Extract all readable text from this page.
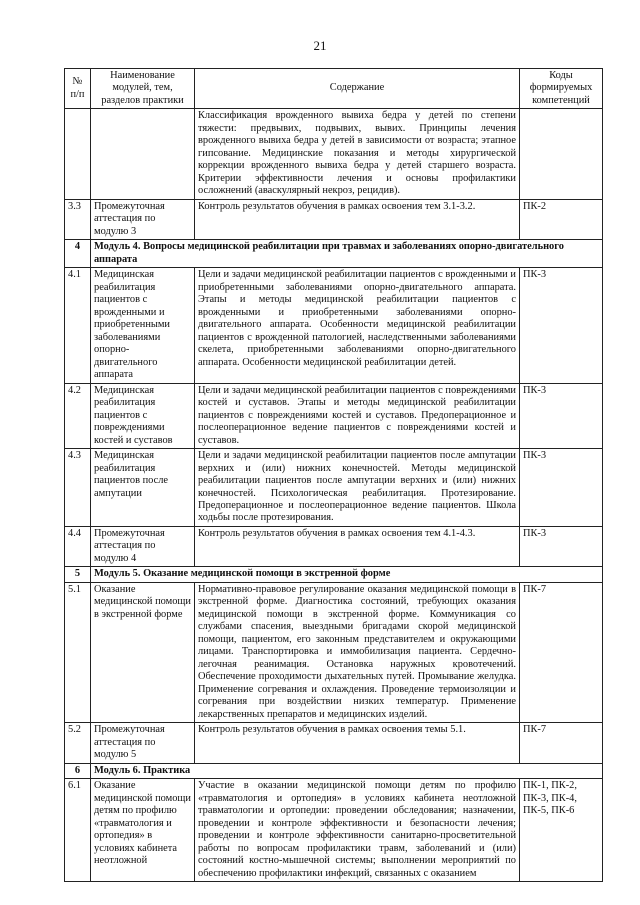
21
№ п/п	Наименование модулей, тем, разделов практики	Содержание	Коды формируемых компетенций
		Классификация врожденного вывиха бедра у детей по степени тяжести: предвывих, подвывих, вывих. Принципы лечения врожденного вывиха бедра у детей в зависимости от возраста; этапное гипсование. Медицинские показания и методы хирургической коррекции врожденного вывиха бедра у детей старшего возраста. Критерии эффективности лечения и основы профилактики осложнений (аваскулярный некроз, рецидив).	
3.3	Промежуточная аттестация по модулю 3	Контроль результатов обучения в рамках освоения тем 3.1-3.2.	ПК-2
4	Модуль 4. Вопросы медицинской реабилитации при травмах и заболеваниях опорно-двигательного аппарата		
4.1	Медицинская реабилитация пациентов с врожденными и приобретенными заболеваниями опорно-двигательного аппарата	Цели и задачи медицинской реабилитации пациентов с врожденными и приобретенными заболеваниями опорно-двигательного аппарата. Этапы и методы медицинской реабилитации пациентов с врожденными и приобретенными заболеваниями опорно-двигательного аппарата. Особенности медицинской реабилитации пациентов с врожденной патологией, наследственными заболеваниями скелета, приобретенными заболеваниями опорно-двигательного аппарата. Особенности медицинской реабилитации детей.	ПК-3
4.2	Медицинская реабилитация пациентов с повреждениями костей и суставов	Цели и задачи медицинской реабилитации пациентов с повреждениями костей и суставов. Этапы и методы медицинской реабилитации пациентов с повреждениями костей и суставов. Предоперационное и послеоперационное ведение пациентов с повреждениями костей и суставов.	ПК-3
4.3	Медицинская реабилитация пациентов после ампутации	Цели и задачи медицинской реабилитации пациентов после ампутации верхних и (или) нижних конечностей. Методы медицинской реабилитации пациентов после ампутации верхних и (или) нижних конечностей. Психологическая реабилитация. Протезирование. Предоперационное и послеоперационное ведение пациентов. Школа ходьбы после протезирования.	ПК-3
4.4	Промежуточная аттестация по модулю 4	Контроль результатов обучения в рамках освоения тем 4.1-4.3.	ПК-3
5	Модуль 5. Оказание медицинской помощи в экстренной форме		
5.1	Оказание медицинской помощи в экстренной форме	Нормативно-правовое регулирование оказания медицинской помощи в экстренной форме. Диагностика состояний, требующих оказания медицинской помощи в экстренной форме. Коммуникация со службами спасения, выездными бригадами скорой медицинской помощи, пациентом, его законным представителем и окружающими лицами. Транспортировка и иммобилизация пациента. Сердечно-легочная реанимация. Остановка наружных кровотечений. Обеспечение проходимости дыхательных путей. Промывание желудка. Применение согревания и охлаждения. Проведение термоизоляции и согревания при воздействии низких температур. Применение лекарственных препаратов и медицинских изделий.	ПК-7
5.2	Промежуточная аттестация по модулю 5	Контроль результатов обучения в рамках освоения темы 5.1.	ПК-7
6	Модуль 6. Практика		
6.1	Оказание медицинской помощи детям по профилю «травматология и ортопедия» в условиях кабинета неотложной	Участие в оказании медицинской помощи детям по профилю «травматология и ортопедия» в условиях кабинета неотложной травматологии и ортопедии: проведении обследования; назначении, проведении и контроле эффективности и безопасности лечения; проведении и контроле эффективности санитарно-просветительной работы по вопросам профилактики травм, заболеваний и (или) состояний костно-мышечной системы; выполнении мероприятий по обеспечению профилактики инфекций, связанных с оказанием	ПК-1, ПК-2, ПК-3, ПК-4, ПК-5, ПК-6
